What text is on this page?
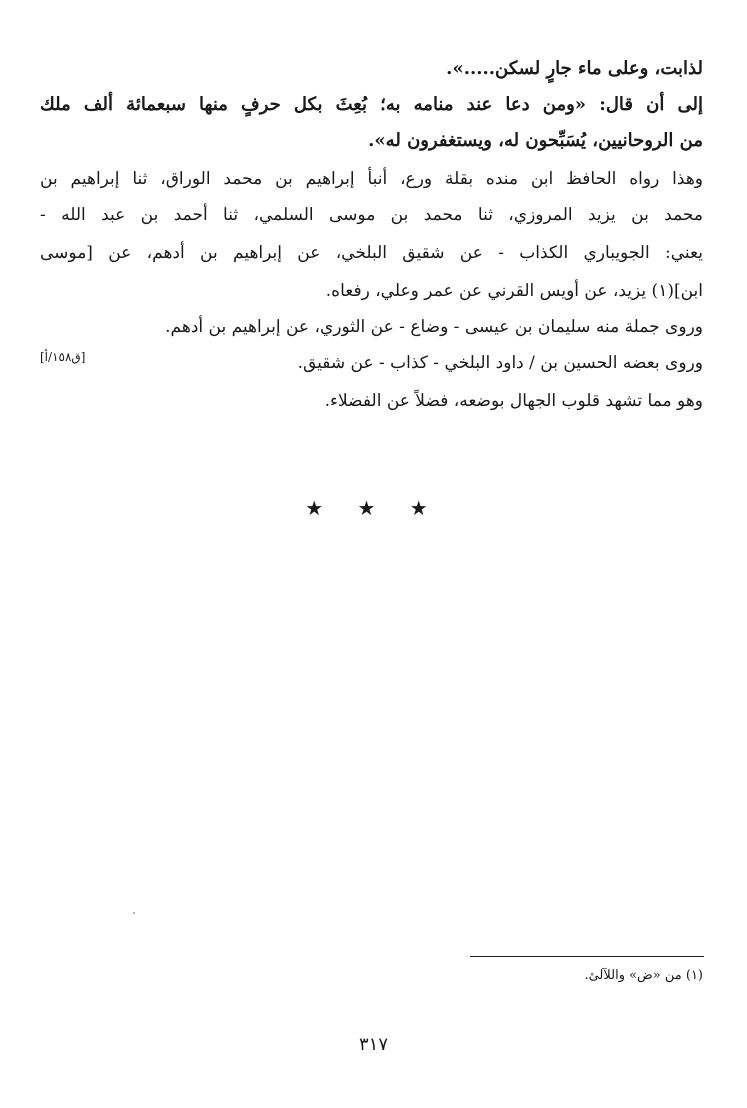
لذابت، وعلى ماء جارٍ لسكن.....».
إلى أن قال: «ومن دعا عند منامه به؛ بُعِثَ بكل حرفٍ منها سبعمائة ألف ملك
من الروحانيين، يُسَبِّحون له، ويستغفرون له».
وهذا رواه الحافظ ابن منده بقلة ورع، أنبأ إبراهيم بن محمد الوراق، ثنا إبراهيم بن
محمد بن يزيد المروزي، ثنا محمد بن موسى السلمي، ثنا أحمد بن عبد الله -
يعني: الجويباري الكذاب - عن شقيق البلخي، عن إبراهيم بن أدهم، عن [موسى
ابن](١) يزيد، عن أويس القرني عن عمر وعلي، رفعاه.
وروى جملة منه سليمان بن عيسى - وضاع - عن الثوري، عن إبراهيم بن أدهم.
وروى بعضه الحسين بن / داود البلخي - كذاب - عن شقيق.
وهو مما تشهد قلوب الجهال بوضعه، فضلاً عن الفضلاء.
[ق١٥٨/أ]
★ ★ ★
(١) من «ض» واللآلئ.
٣١٧
